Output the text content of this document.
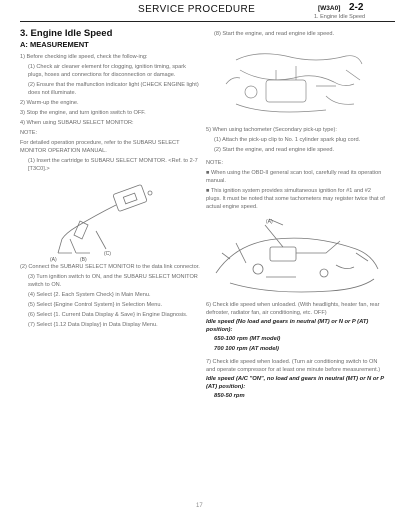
SERVICE PROCEDURE	[W3A0] 2-2
1. Engine Idle Speed
3. Engine Idle Speed
A: MEASUREMENT
1) Before checking idle speed, check the follow-ing:
(1) Check air cleaner element for clogging, ignition timing, spark plugs, hoses and connections for disconnection or damage.
(2) Ensure that the malfunction indicator light (CHECK ENGINE light) does not illuminate.
2) Warm-up the engine.
3) Stop the engine, and turn ignition switch to OFF.
4) When using SUBARU SELECT MONITOR:
NOTE:
For detailed operation procedure, refer to the SUBARU SELECT MONITOR OPERATION MANUAL.
(1) Insert the cartridge to SUBARU SELECT MONITOR. <Ref. to 2-7 [T3C0].>
(A)	(B)
(C)
(2) Connect the SUBARU SELECT MONITOR to the data link connector.
(3) Turn ignition switch to ON, and the SUBARU SELECT MONITOR switch to ON.
(4) Select {2. Each System Check} in Main Menu.
(5) Select {Engine Control System} in Selection Menu.
(6) Select {1. Current Data Display & Save} in Engine Diagnosis.
(7) Select {1.12 Data Display} in Data Display Menu.
(8) Start the engine, and read engine idle speed.
5) When using tachometer (Secondary pick-up type):
(1) Attach the pick-up clip to No. 1 cylinder spark plug cord.
(2) Start the engine, and read engine idle speed.
NOTE:
■ When using the OBD-II general scan tool, carefully read its operation manual.
■ This ignition system provides simultaneous ignition for #1 and #2 plugs. It must be noted that some tachometers may register twice that of actual engine speed.
(A)
6) Check idle speed when unloaded. (With headlights, heater fan, rear defroster, radiator fan, air conditioning, etc. OFF)
Idle speed (No load and gears in neutral (MT) or N or P (AT) position):
650-100 rpm (MT model)
700 100 rpm (AT model)
7) Check idle speed when loaded. (Turn air conditioning switch to ON and operate compressor for at least one minute before measurement.)
Idle speed (A/C "ON", no load and gears in neutral (MT) or N or P (AT) position):
850-50 rpm
17
